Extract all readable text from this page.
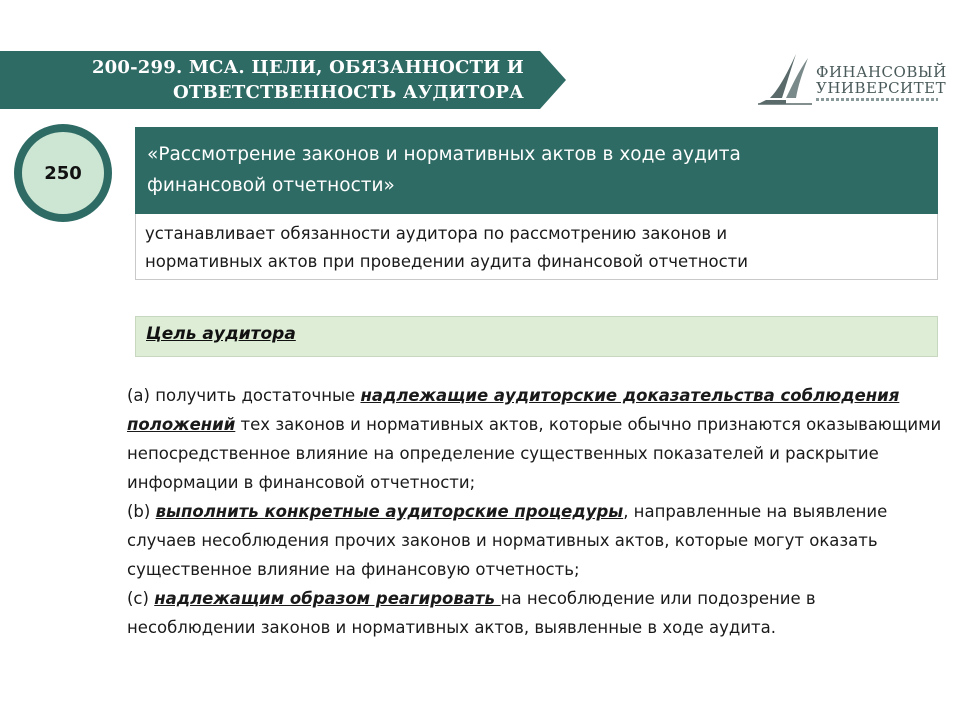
200-299. МСА. ЦЕЛИ, ОБЯЗАННОСТИ И
ОТВЕТСТВЕННОСТЬ АУДИТОРА
ФИНАНСОВЫЙ
УНИВЕРСИТЕТ
250
«Рассмотрение законов и нормативных актов в ходе аудита
финансовой отчетности»
устанавливает обязанности аудитора по рассмотрению законов и
нормативных актов при проведении аудита финансовой отчетности
Цель аудитора

(a) получить достаточные надлежащие аудиторские доказательства соблюдения положений тех законов и нормативных актов, которые обычно признаются оказывающими непосредственное влияние на определение существенных показателей и раскрытие информации в финансовой отчетности;

(b) выполнить конкретные аудиторские процедуры, направленные на выявление случаев несоблюдения прочих законов и нормативных актов, которые могут оказать существенное влияние на финансовую отчетность;

(c) надлежащим образом реагировать на несоблюдение или подозрение в несоблюдении законов и нормативных актов, выявленные в ходе аудита.
